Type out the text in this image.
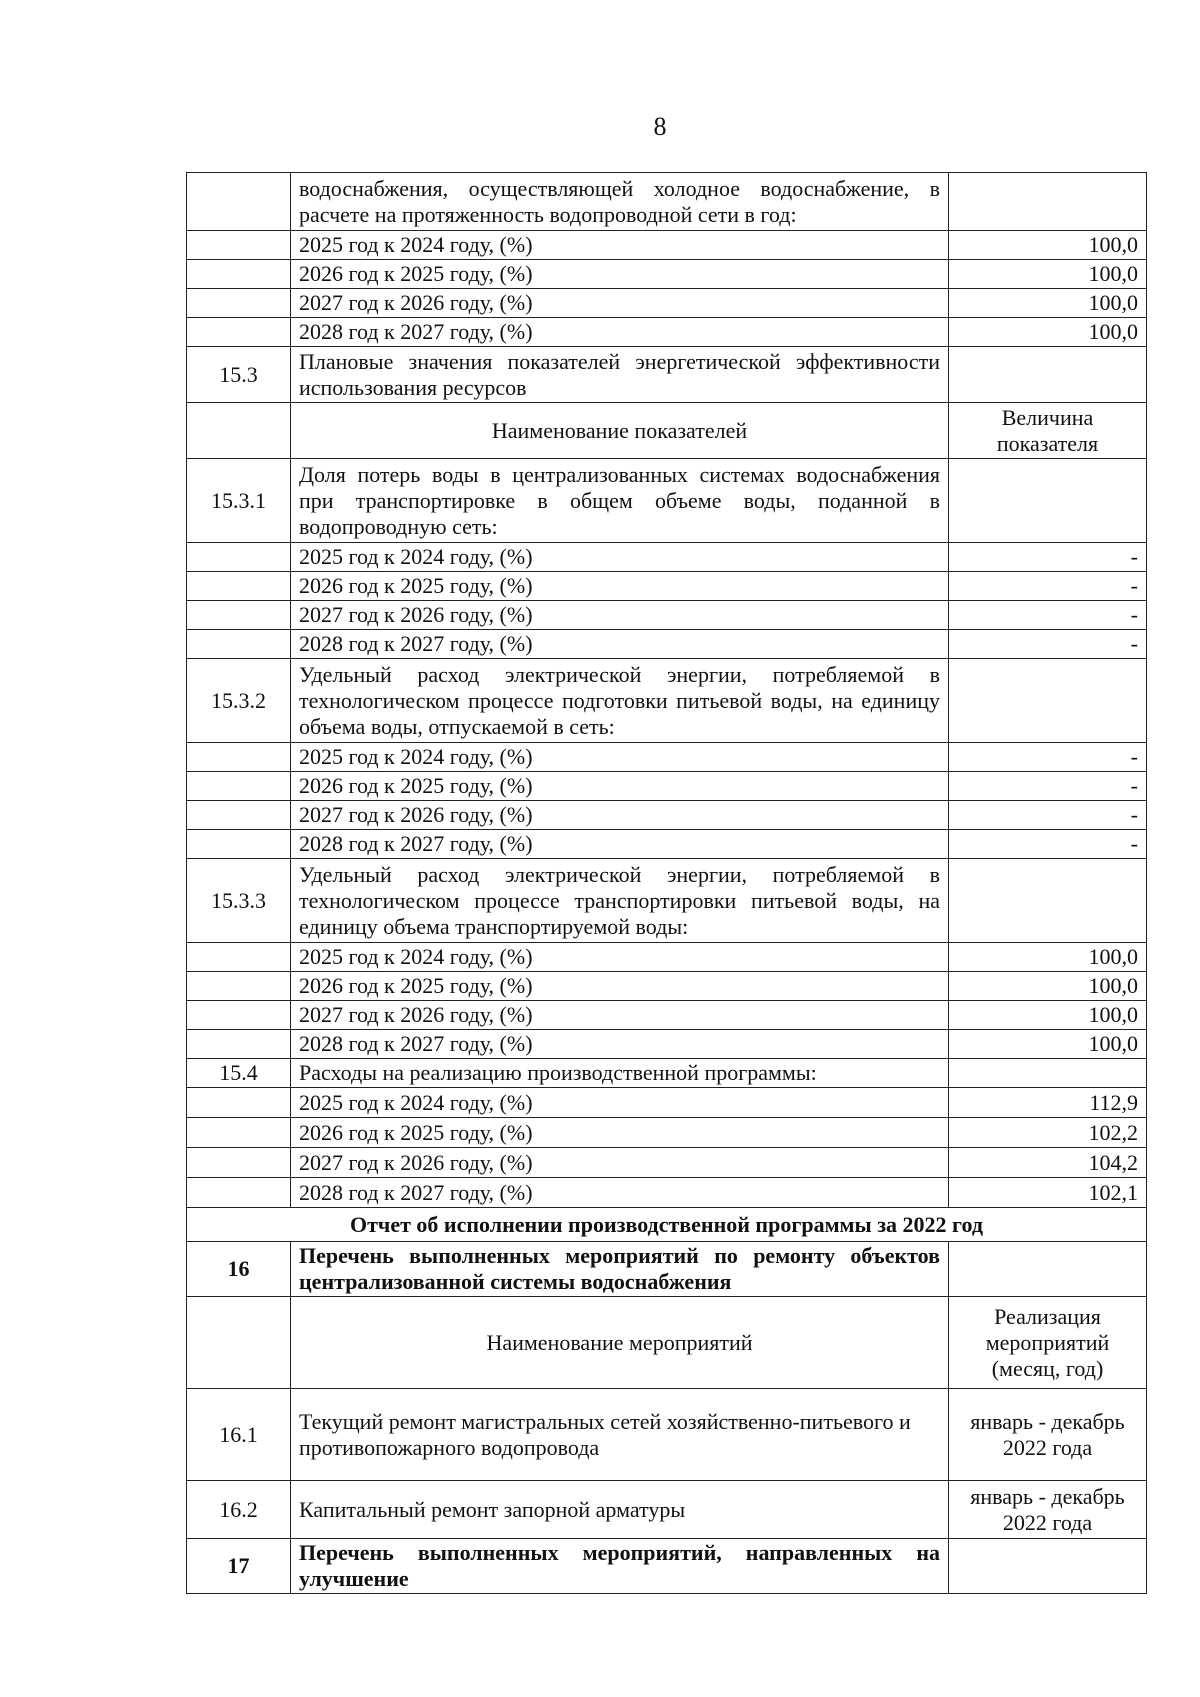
8
	водоснабжения, осуществляющей холодное водоснабжение, в расчете на протяженность водопроводной сети в год:	
	2025 год к 2024 году, (%)	100,0
	2026 год к 2025 году, (%)	100,0
	2027 год к 2026 году, (%)	100,0
	2028 год к 2027 году, (%)	100,0
15.3	Плановые значения показателей энергетической эффективности использования ресурсов	
	Наименование показателей	Величина показателя
15.3.1	Доля потерь воды в централизованных системах водоснабжения при транспортировке в общем объеме воды, поданной в водопроводную сеть:	
	2025 год к 2024 году, (%)	-
	2026 год к 2025 году, (%)	-
	2027 год к 2026 году, (%)	-
	2028 год к 2027 году, (%)	-
15.3.2	Удельный расход электрической энергии, потребляемой в технологическом процессе подготовки питьевой воды, на единицу объема воды, отпускаемой в сеть:	
	2025 год к 2024 году, (%)	-
	2026 год к 2025 году, (%)	-
	2027 год к 2026 году, (%)	-
	2028 год к 2027 году, (%)	-
15.3.3	Удельный расход электрической энергии, потребляемой в технологическом процессе транспортировки питьевой воды, на единицу объема транспортируемой воды:	
	2025 год к 2024 году, (%)	100,0
	2026 год к 2025 году, (%)	100,0
	2027 год к 2026 году, (%)	100,0
	2028 год к 2027 году, (%)	100,0
15.4	Расходы на реализацию производственной программы:	
	2025 год к 2024 году, (%)	112,9
	2026 год к 2025 году, (%)	102,2
	2027 год к 2026 году, (%)	104,2
	2028 год к 2027 году, (%)	102,1
Отчет об исполнении производственной программы за 2022 год		
16	Перечень выполненных мероприятий по ремонту объектов централизованной системы водоснабжения	
	Наименование мероприятий	Реализация мероприятий (месяц, год)
16.1	Текущий ремонт магистральных сетей хозяйственно-питьевого и противопожарного водопровода	январь - декабрь 2022 года
16.2	Капитальный ремонт запорной арматуры	январь - декабрь 2022 года
17	Перечень выполненных мероприятий, направленных на улучшение	
